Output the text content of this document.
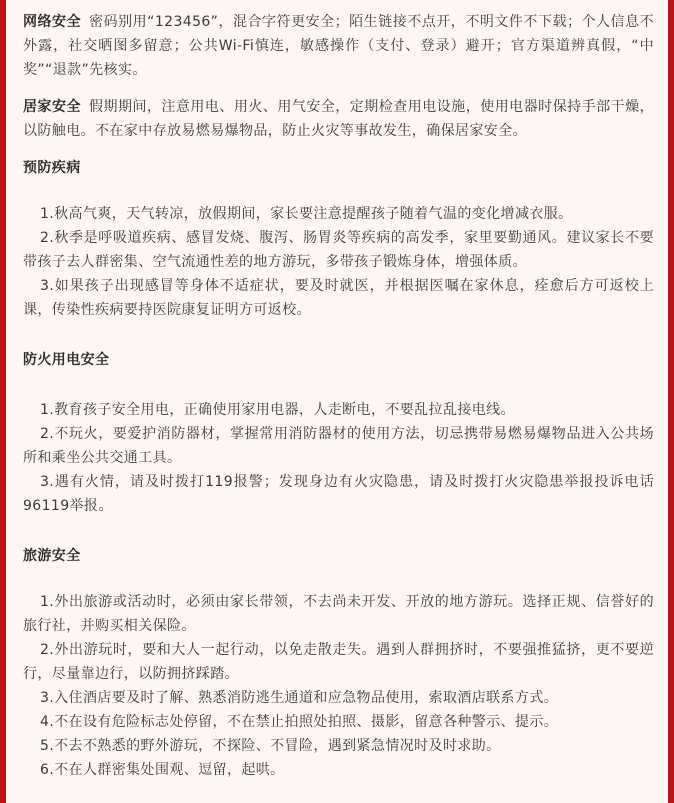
网络安全 密码别用“123456”，混合字符更安全；陌生链接不点开，不明文件不下载；个人信息不外露，社交晒图多留意；公共Wi-Fi慎连，敏感操作（支付、登录）避开；官方渠道辨真假，“中奖”“退款”先核实。

居家安全 假期期间，注意用电、用火、用气安全，定期检查用电设施，使用电器时保持手部干燥，以防触电。不在家中存放易燃易爆物品，防止火灾等事故发生，确保居家安全。

预防疾病

1.秋高气爽，天气转凉，放假期间，家长要注意提醒孩子随着气温的变化增减衣服。

2.秋季是呼吸道疾病、感冒发烧、腹泻、肠胃炎等疾病的高发季，家里要勤通风。建议家长不要带孩子去人群密集、空气流通性差的地方游玩，多带孩子锻炼身体，增强体质。

3.如果孩子出现感冒等身体不适症状，要及时就医，并根据医嘱在家休息，痊愈后方可返校上课，传染性疾病要持医院康复证明方可返校。

防火用电安全

1.教育孩子安全用电，正确使用家用电器，人走断电，不要乱拉乱接电线。

2.不玩火，要爱护消防器材，掌握常用消防器材的使用方法，切忌携带易燃易爆物品进入公共场所和乘坐公共交通工具。

3.遇有火情，请及时拨打119报警；发现身边有火灾隐患，请及时拨打火灾隐患举报投诉电话96119举报。

旅游安全

1.外出旅游或活动时，必须由家长带领，不去尚未开发、开放的地方游玩。选择正规、信誉好的旅行社，并购买相关保险。

2.外出游玩时，要和大人一起行动，以免走散走失。遇到人群拥挤时，不要强推猛挤，更不要逆行，尽量靠边行，以防拥挤踩踏。

3.入住酒店要及时了解、熟悉消防逃生通道和应急物品使用，索取酒店联系方式。

4.不在设有危险标志处停留，不在禁止拍照处拍照、摄影，留意各种警示、提示。

5.不去不熟悉的野外游玩，不探险、不冒险，遇到紧急情况时及时求助。

6.不在人群密集处围观、逗留，起哄。
